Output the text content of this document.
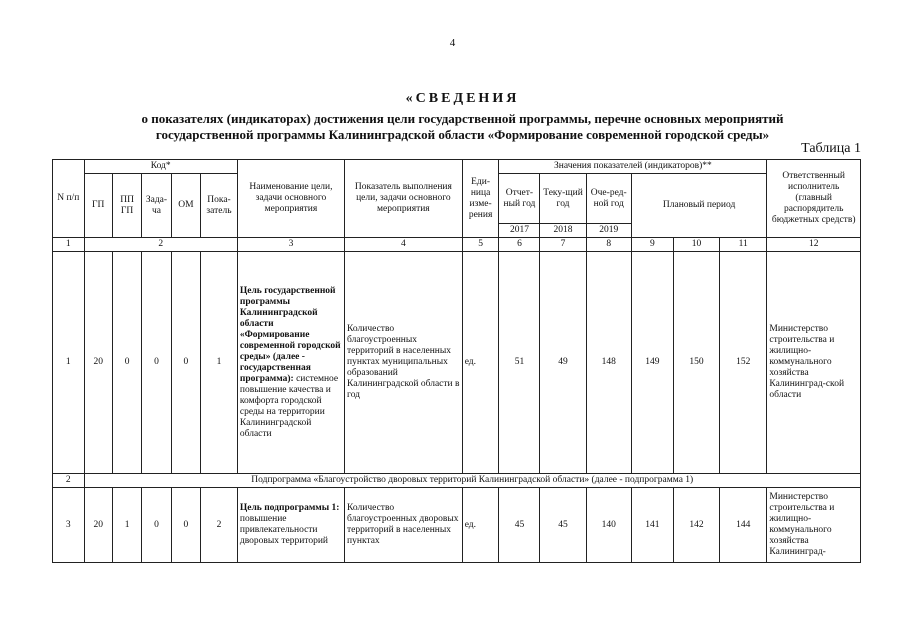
4
«СВЕДЕНИЯ
о показателях (индикаторах) достижения цели государственной программы, перечне основных мероприятий
государственной программы Калининградской области «Формирование современной городской среды»
Таблица 1
N п/п	Код*					Наименование цели, задачи основного мероприятия	Показатель выполнения цели, задачи основного мероприятия	Еди-ница изме-рения	Значения показателей (индикаторов)**						Ответственный исполнитель (главный распорядитель бюджетных средств)
	ГП	ПП ГП	Зада-ча	ОМ	Пока-затель				Отчет-ный год	Теку-щий год	Оче-ред-ной год	Плановый период			
									2017	2018	2019				
1	2					3	4	5	6	7	8	9	10	11	12
1	20	0	0	0	1	Цель государственной программы Калининградской области «Формирование современной городской среды» (далее - государственная программа): системное повышение качества и комфорта городской среды на территории Калининградской области	Количество благоустроенных территорий в населенных пунктах муниципальных образований Калининградской области в год	ед.	51	49	148	149	150	152	Министерство строительства и жилищно-коммунального хозяйства Калининград-ской области
2	Подпрограмма «Благоустройство дворовых территорий Калининградской области» (далее - подпрограмма 1)														
3	20	1	0	0	2	Цель подпрограммы 1: повышение привлекательности дворовых территорий	Количество благоустроенных дворовых территорий в населенных пунктах	ед.	45	45	140	141	142	144	Министерство строительства и жилищно-коммунального хозяйства Калининград-
